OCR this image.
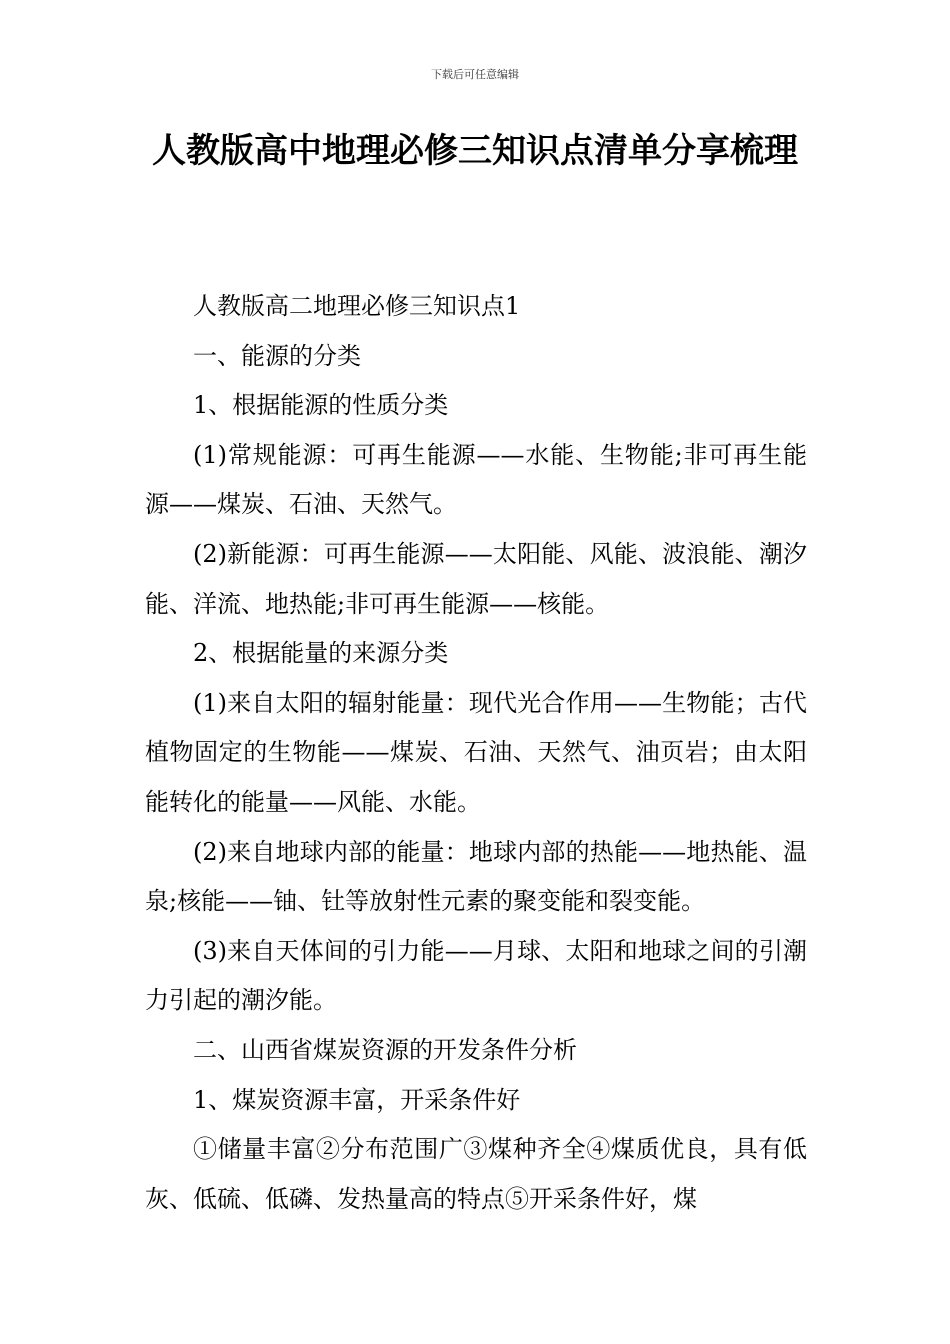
下载后可任意编辑
人教版高中地理必修三知识点清单分享梳理

人教版高二地理必修三知识点1

一、能源的分类

1、根据能源的性质分类

(1)常规能源：可再生能源——水能、生物能;非可再生能源——煤炭、石油、天然气。

(2)新能源：可再生能源——太阳能、风能、波浪能、潮汐能、洋流、地热能;非可再生能源——核能。

2、根据能量的来源分类

(1)来自太阳的辐射能量：现代光合作用——生物能；古代植物固定的生物能——煤炭、石油、天然气、油页岩；由太阳能转化的能量——风能、水能。

(2)来自地球内部的能量：地球内部的热能——地热能、温泉;核能——铀、钍等放射性元素的聚变能和裂变能。

(3)来自天体间的引力能——月球、太阳和地球之间的引潮力引起的潮汐能。

二、山西省煤炭资源的开发条件分析

1、煤炭资源丰富，开采条件好

①储量丰富②分布范围广③煤种齐全④煤质优良，具有低灰、低硫、低磷、发热量高的特点⑤开采条件好，煤
